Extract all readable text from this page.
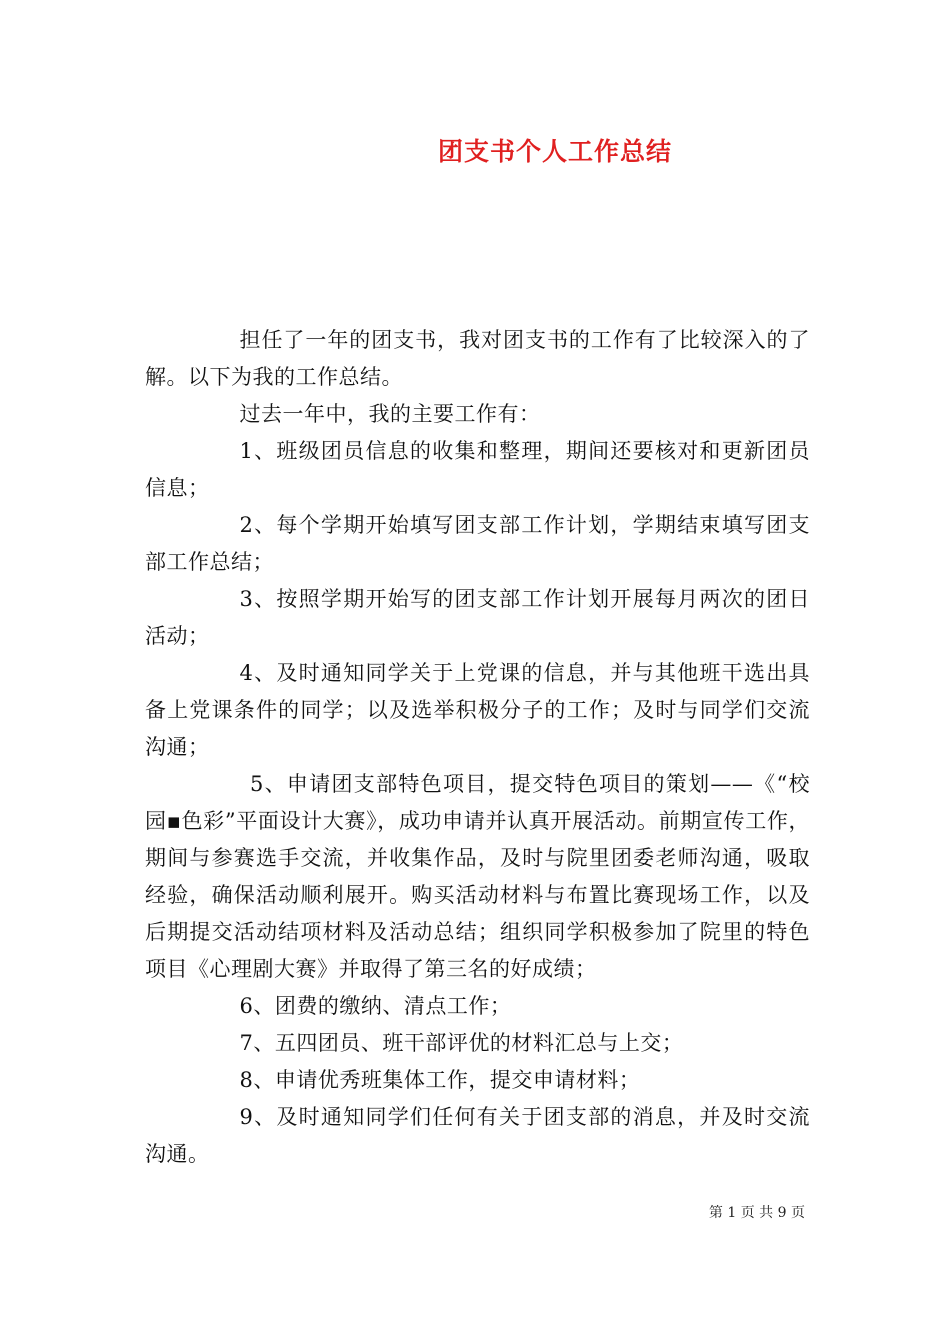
团支书个人工作总结

担任了一年的团支书，我对团支书的工作有了比较深入的了解。以下为我的工作总结。

过去一年中，我的主要工作有：

1、班级团员信息的收集和整理，期间还要核对和更新团员信息；

2、每个学期开始填写团支部工作计划，学期结束填写团支部工作总结；

3、按照学期开始写的团支部工作计划开展每月两次的团日活动；

4、及时通知同学关于上党课的信息，并与其他班干选出具备上党课条件的同学；以及选举积极分子的工作；及时与同学们交流沟通；

5、申请团支部特色项目，提交特色项目的策划——《“校园▪色彩”平面设计大赛》，成功申请并认真开展活动。前期宣传工作，期间与参赛选手交流，并收集作品，及时与院里团委老师沟通，吸取经验，确保活动顺利展开。购买活动材料与布置比赛现场工作，以及后期提交活动结项材料及活动总结；组织同学积极参加了院里的特色项目《心理剧大赛》并取得了第三名的好成绩；

6、团费的缴纳、清点工作；

7、五四团员、班干部评优的材料汇总与上交；

8、申请优秀班集体工作，提交申请材料；

9、及时通知同学们任何有关于团支部的消息，并及时交流沟通。

第 1 页 共 9 页
